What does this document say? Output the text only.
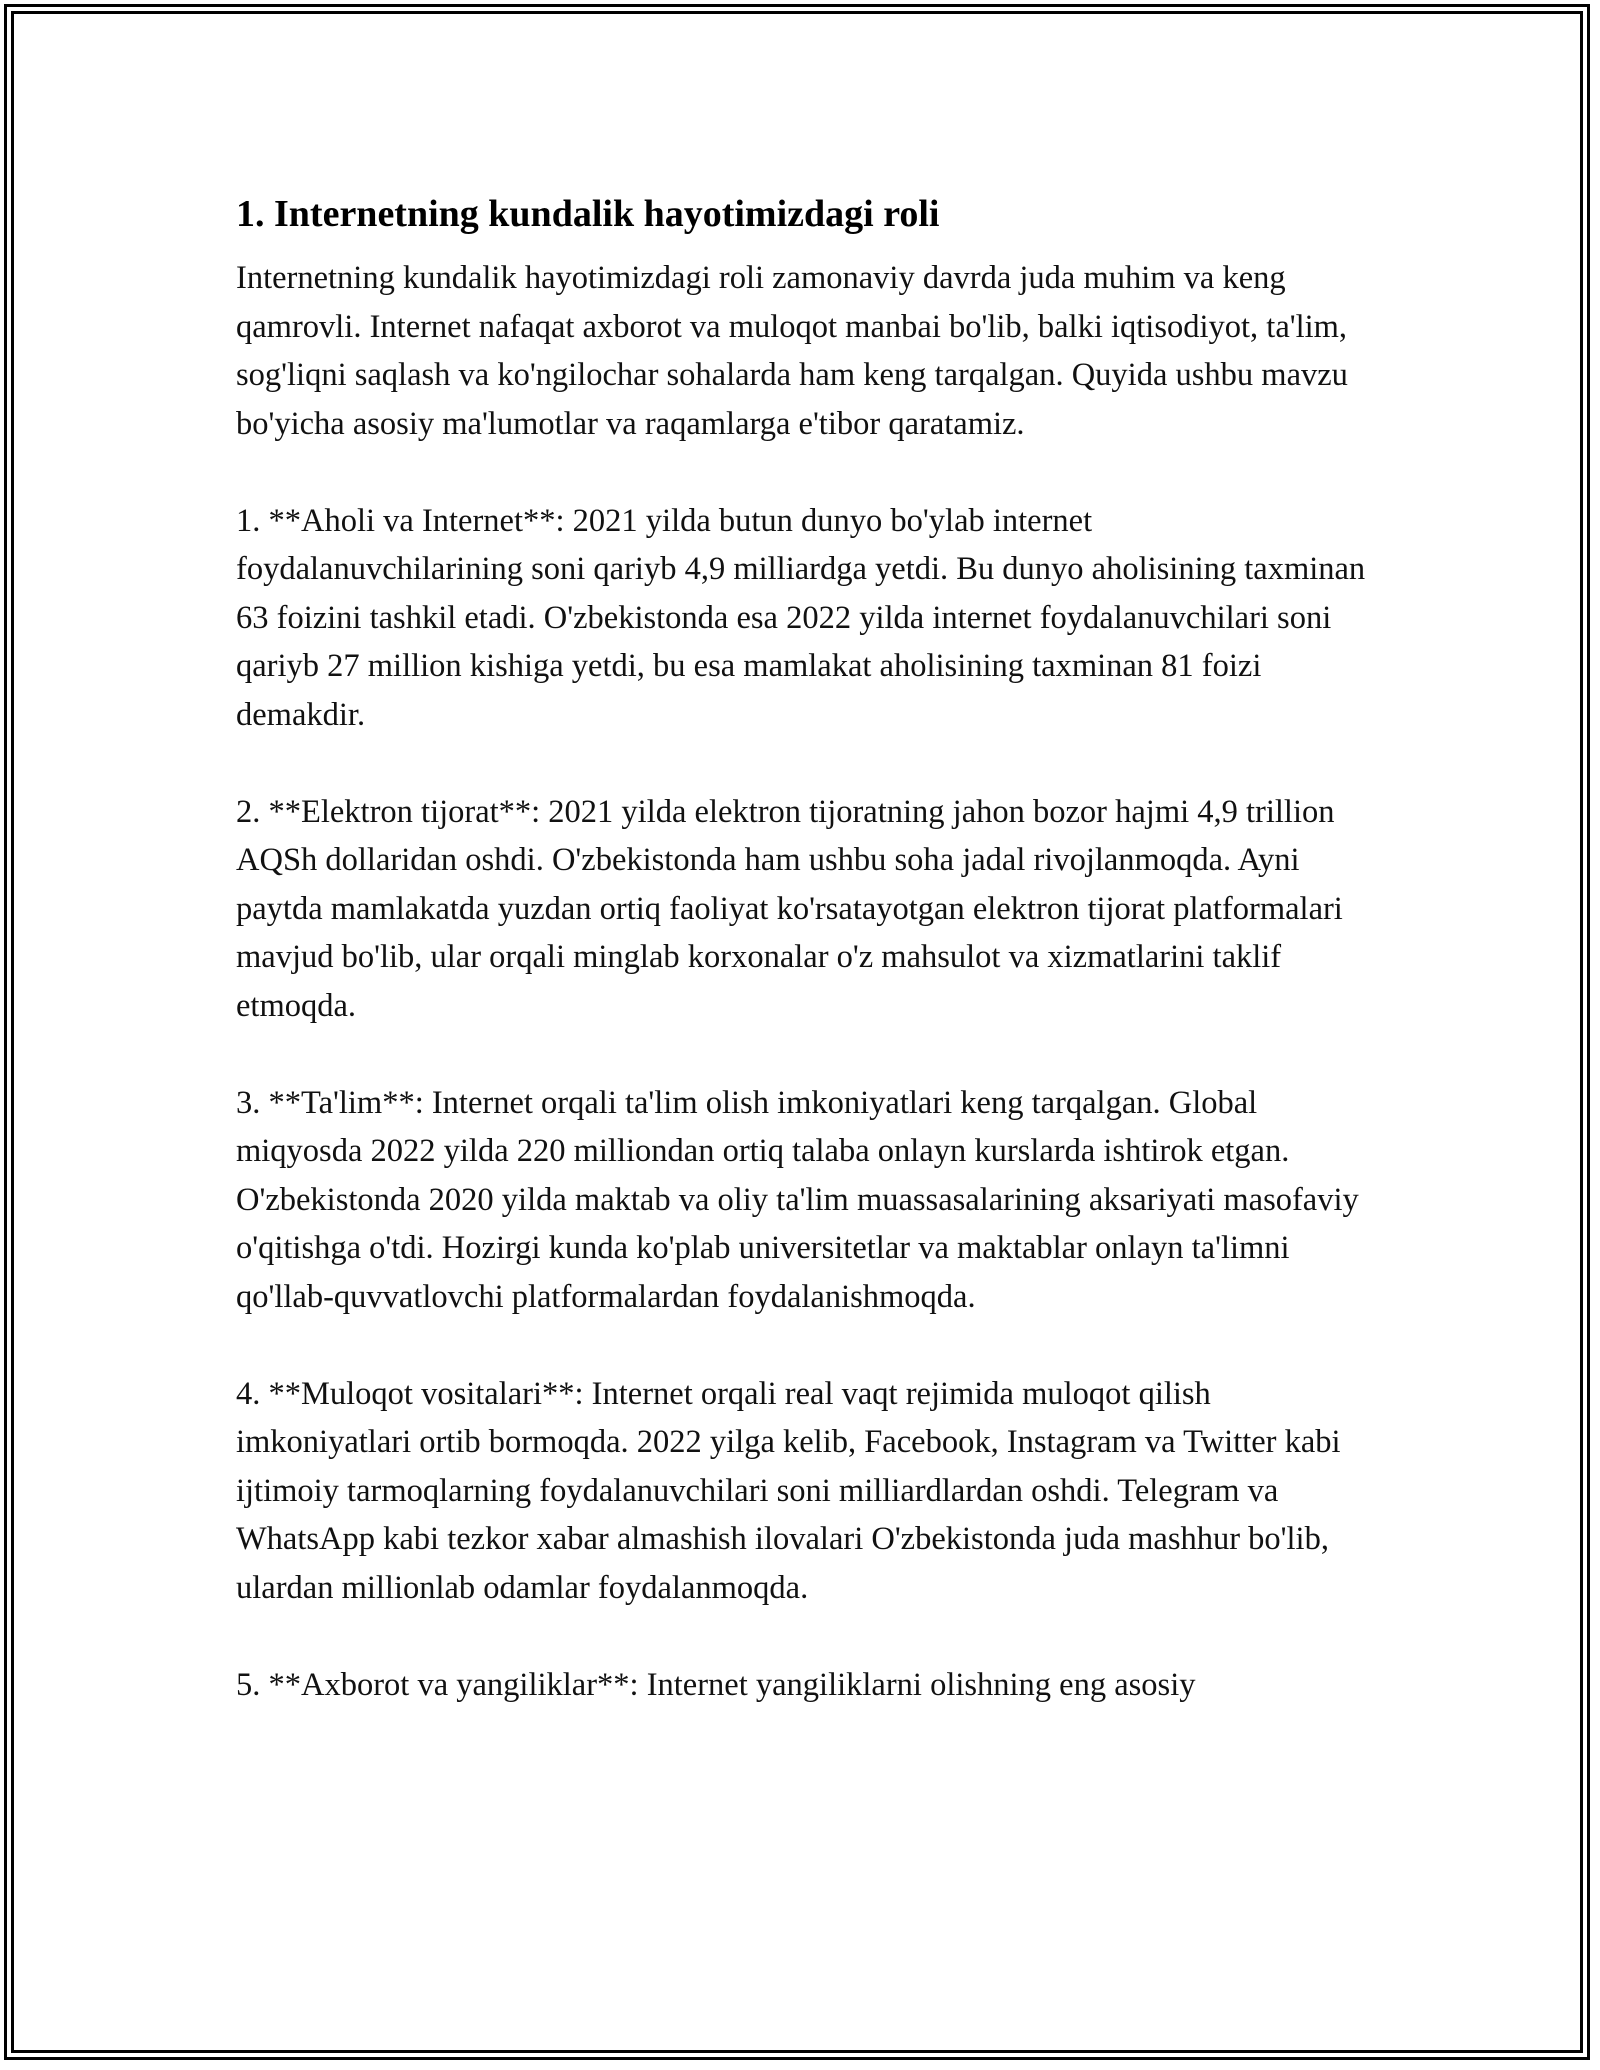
1. Internetning kundalik hayotimizdagi roli

Internetning kundalik hayotimizdagi roli zamonaviy davrda juda muhim va keng qamrovli. Internet nafaqat axborot va muloqot manbai bo'lib, balki iqtisodiyot, ta'lim, sog'liqni saqlash va ko'ngilochar sohalarda ham keng tarqalgan. Quyida ushbu mavzu bo'yicha asosiy ma'lumotlar va raqamlarga e'tibor qaratamiz.

1. **Aholi va Internet**: 2021 yilda butun dunyo bo'ylab internet foydalanuvchilarining soni qariyb 4,9 milliardga yetdi. Bu dunyo aholisining taxminan 63 foizini tashkil etadi. O'zbekistonda esa 2022 yilda internet foydalanuvchilari soni qariyb 27 million kishiga yetdi, bu esa mamlakat aholisining taxminan 81 foizi demakdir.

2. **Elektron tijorat**: 2021 yilda elektron tijoratning jahon bozor hajmi 4,9 trillion AQSh dollaridan oshdi. O'zbekistonda ham ushbu soha jadal rivojlanmoqda. Ayni paytda mamlakatda yuzdan ortiq faoliyat ko'rsatayotgan elektron tijorat platformalari mavjud bo'lib, ular orqali minglab korxonalar o'z mahsulot va xizmatlarini taklif etmoqda.

3. **Ta'lim**: Internet orqali ta'lim olish imkoniyatlari keng tarqalgan. Global miqyosda 2022 yilda 220 milliondan ortiq talaba onlayn kurslarda ishtirok etgan. O'zbekistonda 2020 yilda maktab va oliy ta'lim muassasalarining aksariyati masofaviy o'qitishga o'tdi. Hozirgi kunda ko'plab universitetlar va maktablar onlayn ta'limni qo'llab-quvvatlovchi platformalardan foydalanishmoqda.

4. **Muloqot vositalari**: Internet orqali real vaqt rejimida muloqot qilish imkoniyatlari ortib bormoqda. 2022 yilga kelib, Facebook, Instagram va Twitter kabi ijtimoiy tarmoqlarning foydalanuvchilari soni milliardlardan oshdi. Telegram va WhatsApp kabi tezkor xabar almashish ilovalari O'zbekistonda juda mashhur bo'lib, ulardan millionlab odamlar foydalanmoqda.

5. **Axborot va yangiliklar**: Internet yangiliklarni olishning eng asosiy
